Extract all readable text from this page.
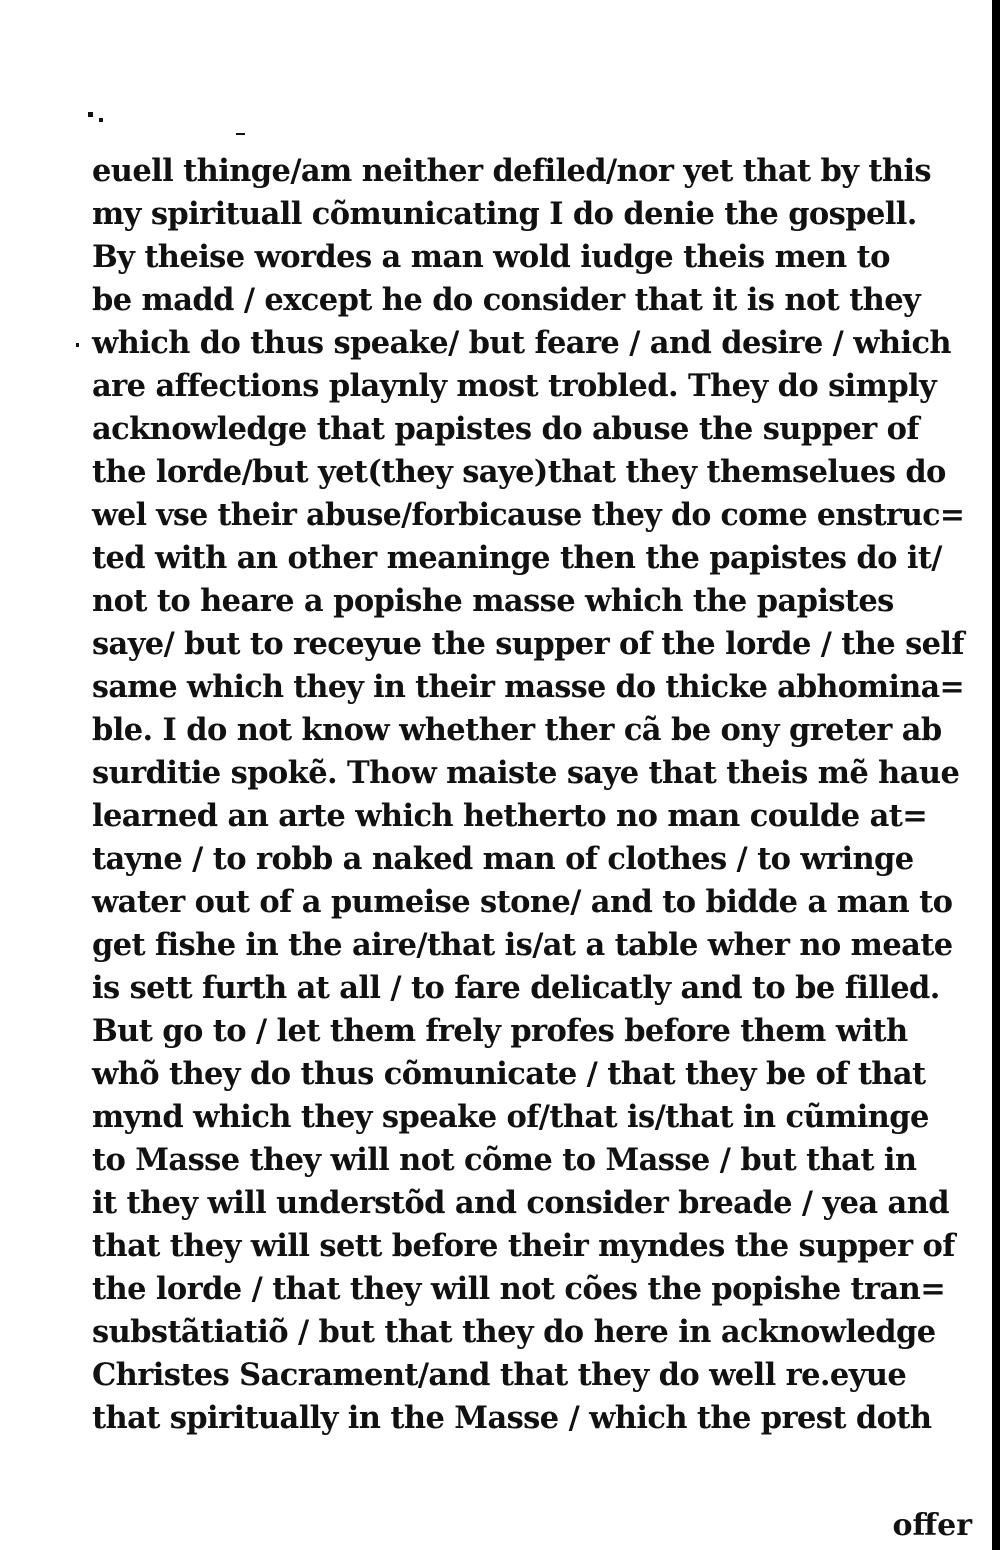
euell thinge/am neither defiled/nor yet that by this
my spirituall cõmunicating I do denie the gospell.
By theise wordes a man wold iudge theis men to
be madd / except he do consider that it is not they
which do thus speake/ but feare / and desire / which
are affections playnly most trobled. They do simply
acknowledge that papistes do abuse the supper of
the lorde/but yet(they saye)that they themselues do
wel vse their abuse/forbicause they do come enstruc=
ted with an other meaninge then the papistes do it/
not to heare a popishe masse which the papistes
saye/ but to receyue the supper of the lorde / the self
same which they in their masse do thicke abhomina=
ble. I do not know whether ther cã be ony greter ab
surditie spokẽ. Thow maiste saye that theis mẽ haue
learned an arte which hetherto no man coulde at=
tayne / to robb a naked man of clothes / to wringe
water out of a pumeise stone/ and to bidde a man to
get fishe in the aire/that is/at a table wher no meate
is sett furth at all / to fare delicatly and to be filled.
But go to / let them frely profes before them with
whõ they do thus cõmunicate / that they be of that
mynd which they speake of/that is/that in cũminge
to Masse they will not cõme to Masse / but that in
it they will understõd and consider breade / yea and
that they will sett before their myndes the supper of
the lorde / that they will not cões the popishe tran=
substãtiatiõ / but that they do here in acknowledge
Christes Sacrament/and that they do well re.eyue
that spiritually in the Masse / which the prest doth
offer
